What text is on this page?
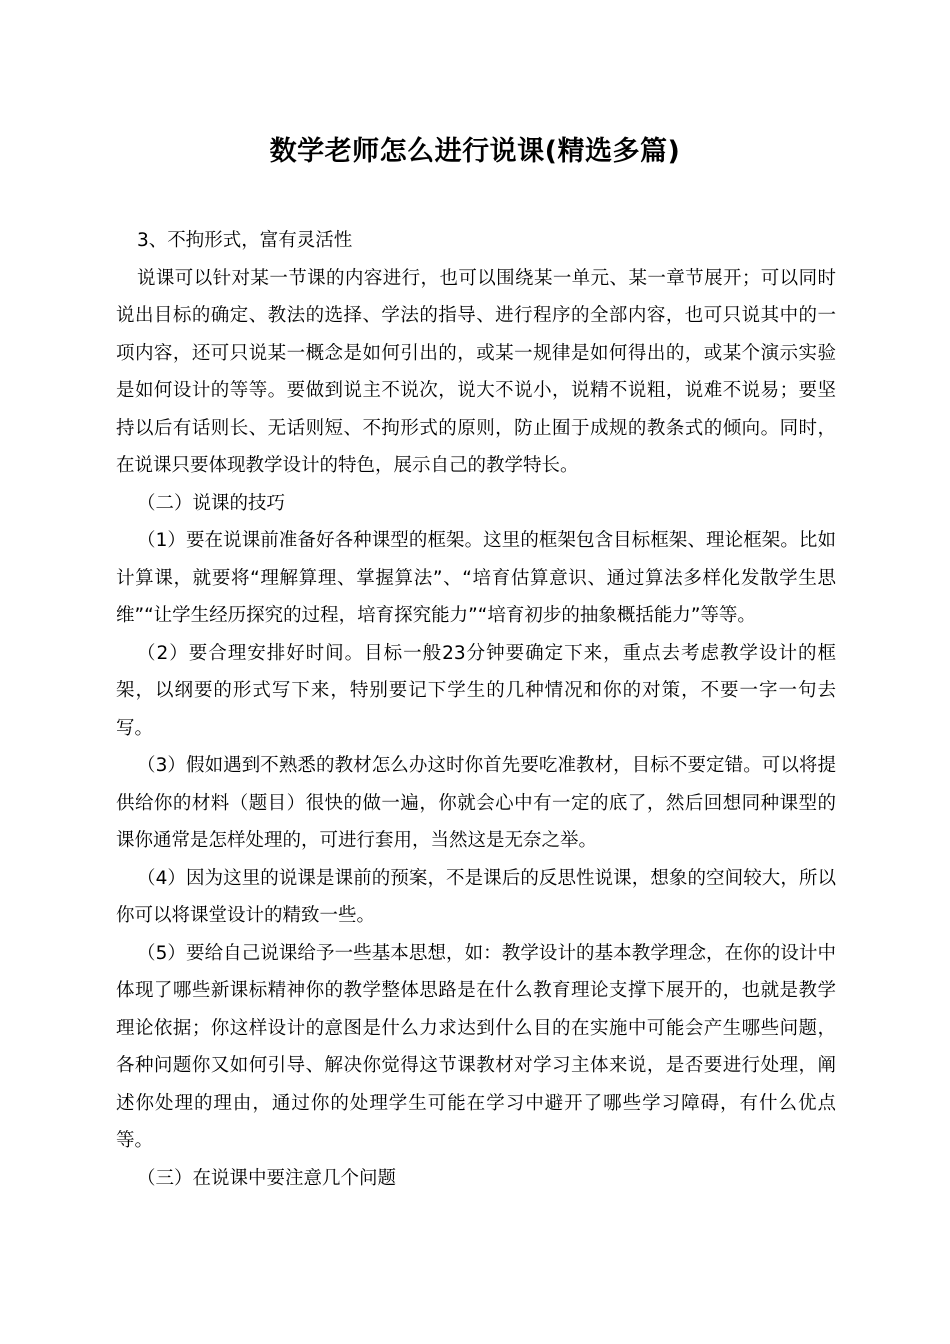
数学老师怎么进行说课(精选多篇)

3、不拘形式，富有灵活性

说课可以针对某一节课的内容进行，也可以围绕某一单元、某一章节展开；可以同时说出目标的确定、教法的选择、学法的指导、进行程序的全部内容，也可只说其中的一项内容，还可只说某一概念是如何引出的，或某一规律是如何得出的，或某个演示实验是如何设计的等等。要做到说主不说次，说大不说小，说精不说粗，说难不说易；要坚持以后有话则长、无话则短、不拘形式的原则，防止囿于成规的教条式的倾向。同时，在说课只要体现教学设计的特色，展示自己的教学特长。

（二）说课的技巧

（1）要在说课前准备好各种课型的框架。这里的框架包含目标框架、理论框架。比如计算课，就要将“理解算理、掌握算法”、“培育估算意识、通过算法多样化发散学生思维”“让学生经历探究的过程，培育探究能力”“培育初步的抽象概括能力”等等。

（2）要合理安排好时间。目标一般23分钟要确定下来，重点去考虑教学设计的框架，以纲要的形式写下来，特别要记下学生的几种情况和你的对策，不要一字一句去写。

（3）假如遇到不熟悉的教材怎么办这时你首先要吃准教材，目标不要定错。可以将提供给你的材料（题目）很快的做一遍，你就会心中有一定的底了，然后回想同种课型的课你通常是怎样处理的，可进行套用，当然这是无奈之举。

（4）因为这里的说课是课前的预案，不是课后的反思性说课，想象的空间较大，所以你可以将课堂设计的精致一些。

（5）要给自己说课给予一些基本思想，如：教学设计的基本教学理念，在你的设计中体现了哪些新课标精神你的教学整体思路是在什么教育理论支撑下展开的，也就是教学理论依据；你这样设计的意图是什么力求达到什么目的在实施中可能会产生哪些问题，各种问题你又如何引导、解决你觉得这节课教材对学习主体来说，是否要进行处理，阐述你处理的理由，通过你的处理学生可能在学习中避开了哪些学习障碍，有什么优点等。

（三）在说课中要注意几个问题
